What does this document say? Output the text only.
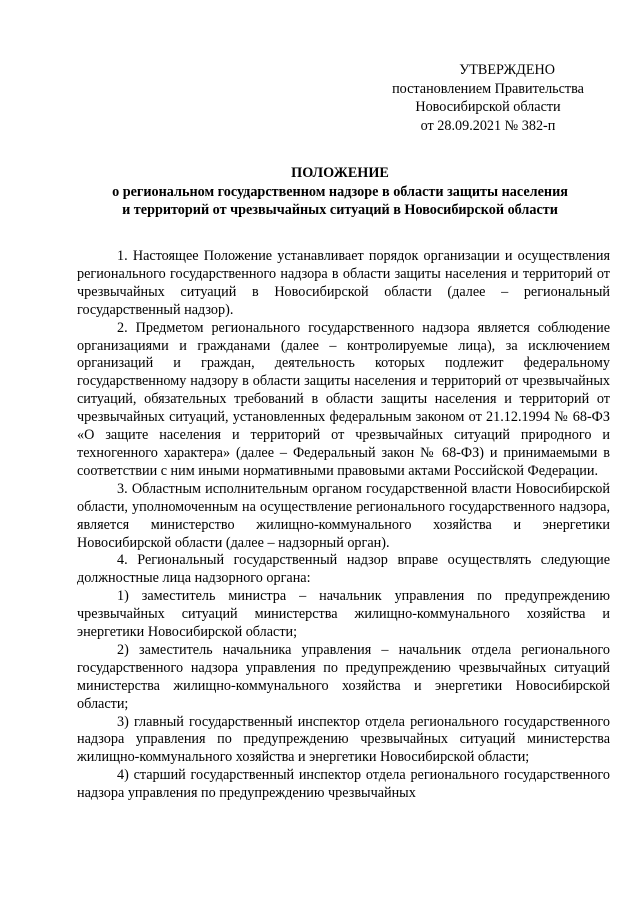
УТВЕРЖДЕНО
постановлением Правительства
Новосибирской области
от 28.09.2021 № 382-п
ПОЛОЖЕНИЕ
о региональном государственном надзоре в области защиты населения
и территорий от чрезвычайных ситуаций в Новосибирской области

1. Настоящее Положение устанавливает порядок организации и осуществления регионального государственного надзора в области защиты населения и территорий от чрезвычайных ситуаций в Новосибирской области (далее – региональный государственный надзор).

2. Предметом регионального государственного надзора является соблюдение организациями и гражданами (далее – контролируемые лица), за исключением организаций и граждан, деятельность которых подлежит федеральному государственному надзору в области защиты населения и территорий от чрезвычайных ситуаций, обязательных требований в области защиты населения и территорий от чрезвычайных ситуаций, установленных федеральным законом от 21.12.1994 № 68-ФЗ «О защите населения и территорий от чрезвычайных ситуаций природного и техногенного характера» (далее – Федеральный закон № 68-ФЗ) и принимаемыми в соответствии с ним иными нормативными правовыми актами Российской Федерации.

3. Областным исполнительным органом государственной власти Новосибирской области, уполномоченным на осуществление регионального государственного надзора, является министерство жилищно-коммунального хозяйства и энергетики Новосибирской области (далее – надзорный орган).

4. Региональный государственный надзор вправе осуществлять следующие должностные лица надзорного органа:

1) заместитель министра – начальник управления по предупреждению чрезвычайных ситуаций министерства жилищно-коммунального хозяйства и энергетики Новосибирской области;

2) заместитель начальника управления – начальник отдела регионального государственного надзора управления по предупреждению чрезвычайных ситуаций министерства жилищно-коммунального хозяйства и энергетики Новосибирской области;

3) главный государственный инспектор отдела регионального государственного надзора управления по предупреждению чрезвычайных ситуаций министерства жилищно-коммунального хозяйства и энергетики Новосибирской области;

4) старший государственный инспектор отдела регионального государственного надзора управления по предупреждению чрезвычайных
